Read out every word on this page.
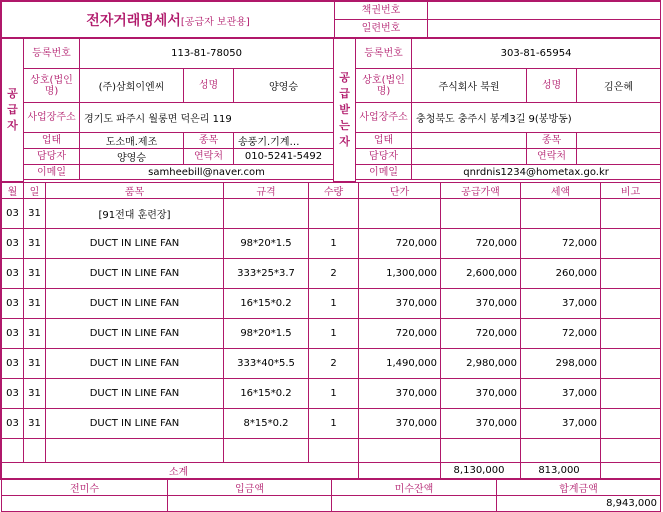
전자거래명세서[공급자 보관용]	책권번호	
	일련번호	
공급자	등록번호	113-81-78050			공급받는자	등록번호	303-81-65954		
	상호(법인명)	(주)삼희이엔씨	성명	양영승		상호(법인명)	주식회사 북원	성명	김은혜
	사업장주소	경기도 파주시 월롱면 덕은리 119				사업장주소	충청북도 충주시 봉계3길 9(봉방동)		
	업태	도소매.제조	종목	송풍기.기계…		업태		종목	
	담당자	양영승	연락처	010-5241-5492		담당자		연락처	
	이메일	samheebill@naver.com				이메일	qnrdnis1234@hometax.go.kr		

월	일	품목	규격	수량	단가	공급가액	세액	비고
03	31	[91전대 훈련장]						
03	31	DUCT IN LINE FAN	98*20*1.5	1	720,000	720,000	72,000	
03	31	DUCT IN LINE FAN	333*25*3.7	2	1,300,000	2,600,000	260,000	
03	31	DUCT IN LINE FAN	16*15*0.2	1	370,000	370,000	37,000	
03	31	DUCT IN LINE FAN	98*20*1.5	1	720,000	720,000	72,000	
03	31	DUCT IN LINE FAN	333*40*5.5	2	1,490,000	2,980,000	298,000	
03	31	DUCT IN LINE FAN	16*15*0.2	1	370,000	370,000	37,000	
03	31	DUCT IN LINE FAN	8*15*0.2	1	370,000	370,000	37,000	

소계						8,130,000	813,000	
전미수	입금액	미수잔액	합계금액
			8,943,000
